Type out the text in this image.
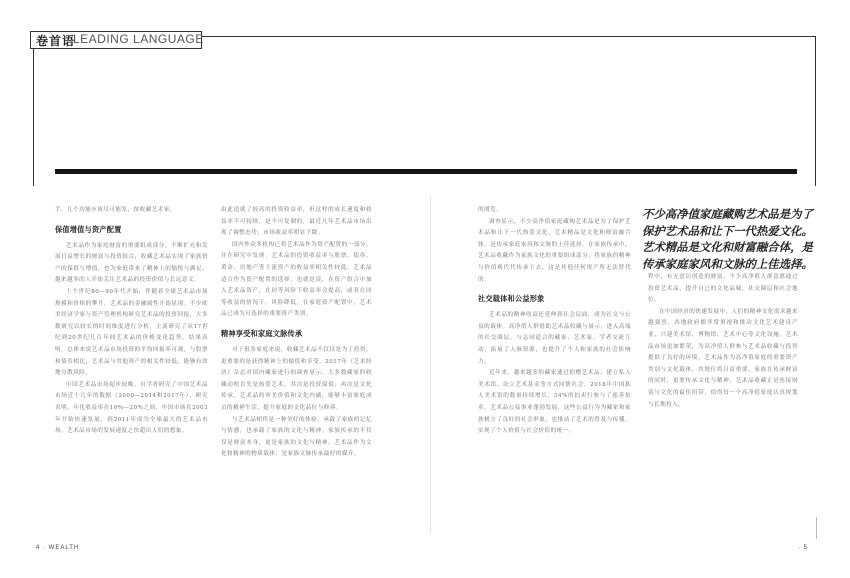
卷首语
LEADING LANGUAGE

手，几个功能应该尽可能发，按收藏艺术家。

保值增值与资产配置

艺术品作为家庭财富的重要组成部分，不断扩充和发展日益增长的财富与投资组合，收藏艺术品实现了家族资产的保值与增值，也为家庭带来了精神上的愉悦与满足，越来越多的人开始关注艺术品的投资价值与长远意义。

上个世纪80—90年代开始，伴随着全球艺术品市场规模和价格的攀升，艺术品的金融属性开始显现。不少欧美经济学家与资产管理机构研究艺术品的投资回报，大多数研究以较长的时间维度进行分析，主流研究了从17世纪到20世纪几百年间艺术品的价格变化趋势，结果表明，总体来说艺术品市场投资的平均回报率可观，与股票和债券相比，艺术品与其他资产的相关性较低，能够有效地分散风险。

中国艺术品市场起步较晚，有学者研究了中国艺术品市场近十几年的数据（2000—2014和2017年），研究表明，年化收益率在10%—20%之间，中国市场在2003年开始快速发展，到2011年成为全球最大的艺术品市场，艺术品市场的发展速度之快超出人们的想象。

由此造就了较高的投资收益率，但这样的成长速度和收益率不可持续，是不可复制的，最近几年艺术品市场出现了调整态势，市场收益率明显下降。

国内外众多机构已将艺术品作为资产配置的一部分，并在研究中发现：艺术品的投资收益率与股票、债券、黄金、房地产等主流资产的收益率相关性较低，艺术品适合作为资产配置的选择，也就是说，在资产组合中加入艺术品资产，在同等风险下收益率会提高，或者在同等收益的情况下，风险降低。在家庭资产配置中，艺术品已成为可选择的重要资产类别。

精神享受和家庭文脉传承

对于很多家庭来说，收藏艺术品不仅仅是为了投资，更重要的是获得精神上的愉悦和享受。2017年《艺术经济》杂志对国内藏家进行的调查显示，大多数藏家的收藏动机首先是热爱艺术，其次是投资保值，再次是文化传承。艺术品的审美价值和文化内涵，能够丰富家庭成员的精神生活，提升家庭的文化品位与修养。

与艺术品相伴是一种美好的体验，承载了家族的记忆与情感，也承载了家族的文化与精神。家族传承的不仅仅是财富本身，更是家族的文化与精神，艺术品作为文化和精神的物质载体，是家族文脉传承最好的媒介。

的浏览。

调查显示，不少高净值家庭藏购艺术品是为了保护艺术品和让下一代热爱文化，艺术精品是文化和财富融合体，是传承家庭家风和文脉的上佳选择，在家族传承中，艺术品收藏作为家族文化的重要组成部分，将家族的精神与价值观代代传承下去，这是其他任何资产所无法替代的。

社交载体和公益形象

艺术品的精神收益还延伸到社会层面，成为社交与公益的载体。高净值人群借助艺术品收藏与展示，进入高端的社交圈层，与志同道合的藏家、艺术家、学者交流互动，拓展了人脉资源，也提升了个人和家族的社会影响力。

近年来，越来越多的藏家通过捐赠艺术品、建立私人美术馆、设立艺术基金等方式回馈社会。2018年中国私人美术馆的数量持续增长，34%的拍卖行参与了慈善拍卖，艺术品公益事业蓬勃发展，这些公益行为为藏家和家族树立了良好的社会形象，也推动了艺术的普及与传播，实现了个人价值与社会价值的统一。

不少高净值家庭藏购艺术品是为了
保护艺术品和让下一代热爱文化。
艺术精品是文化和财富融合体，是
传承家庭家风和文脉的上佳选择。

程中，有无意识创造的财富，不少高净值人群意愿通过投资艺术品，提升自己的文化品味，社交圈层和社会地位。

在中国经济的快速发展中，人们的精神文化需求越来越强烈，各地政府都非常重视和推动文化艺术建设产业，兴建美术馆、博物馆、艺术中心等文化设施，艺术品市场更加繁荣，为高净值人群参与艺术品收藏与投资提供了良好的环境，艺术品作为高净值家庭的重要资产类别与文化载体，其地位将日益重要，家族在传承财富的同时，更要传承文化与精神，艺术品收藏正是连接财富与文化的最佳纽带，值得每一个高净值家庭认真规划与长期投入。

4 · WEALTH	· 5
